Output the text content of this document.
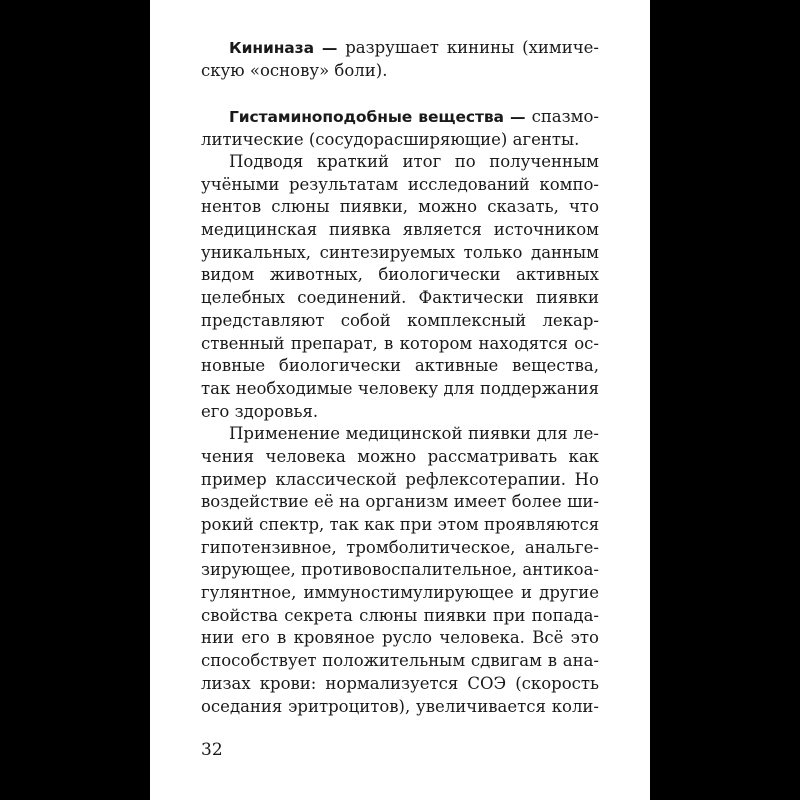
Кининаза — разрушает кинины (химиче-
скую «основу» боли).
Гистаминоподобные вещества — спазмо-
литические (сосудорасширяющие) агенты.
Подводя краткий итог по полученным
учёными результатам исследований компо-
нентов слюны пиявки, можно сказать, что
медицинская пиявка является источником
уникальных, синтезируемых только данным
видом животных, биологически активных
целебных соединений. Фактически пиявки
представляют собой комплексный лекар-
ственный препарат, в котором находятся ос-
новные биологически активные вещества,
так необходимые человеку для поддержания
его здоровья.
Применение медицинской пиявки для ле-
чения человека можно рассматривать как
пример классической рефлексотерапии. Но
воздействие её на организм имеет более ши-
рокий спектр, так как при этом проявляются
гипотензивное, тромболитическое, анальге-
зирующее, противовоспалительное, антикоа-
гулянтное, иммуностимулирующее и другие
свойства секрета слюны пиявки при попада-
нии его в кровяное русло человека. Всё это
способствует положительным сдвигам в ана-
лизах крови: нормализуется СОЭ (скорость
оседания эритроцитов), увеличивается коли-
32
